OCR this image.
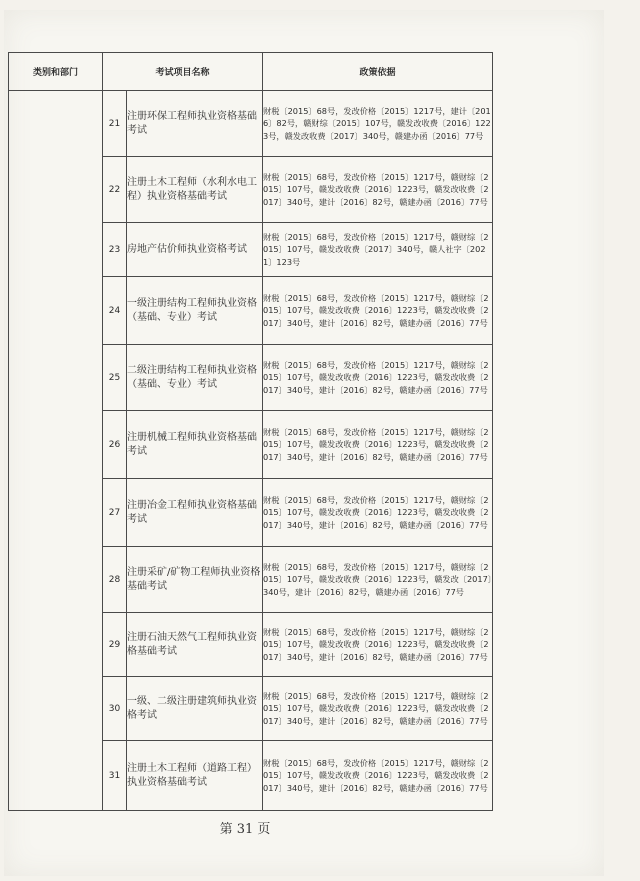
类别和部门	考试项目名称		政策依据
	21	注册环保工程师执业资格基础考试	财税〔2015〕68号，发改价格〔2015〕1217号，建计〔2016〕82号，赣财综〔2015〕107号，赣发改收费〔2016〕1223号，赣发改收费〔2017〕340号，赣建办函〔2016〕77号
	22	注册土木工程师（水利水电工程）执业资格基础考试	财税〔2015〕68号，发改价格〔2015〕1217号，赣财综〔2015〕107号，赣发改收费〔2016〕1223号，赣发改收费〔2017〕340号，建计〔2016〕82号，赣建办函〔2016〕77号
	23	房地产估价师执业资格考试	财税〔2015〕68号，发改价格〔2015〕1217号，赣财综〔2015〕107号，赣发改收费〔2017〕340号，赣人社字〔2021〕123号
	24	一级注册结构工程师执业资格（基础、专业）考试	财税〔2015〕68号，发改价格〔2015〕1217号，赣财综〔2015〕107号，赣发改收费〔2016〕1223号，赣发改收费〔2017〕340号，建计〔2016〕82号，赣建办函〔2016〕77号
	25	二级注册结构工程师执业资格（基础、专业）考试	财税〔2015〕68号，发改价格〔2015〕1217号，赣财综〔2015〕107号，赣发改收费〔2016〕1223号，赣发改收费〔2017〕340号，建计〔2016〕82号，赣建办函〔2016〕77号
	26	注册机械工程师执业资格基础考试	财税〔2015〕68号，发改价格〔2015〕1217号，赣财综〔2015〕107号，赣发改收费〔2016〕1223号，赣发改收费〔2017〕340号，建计〔2016〕82号，赣建办函〔2016〕77号
	27	注册冶金工程师执业资格基础考试	财税〔2015〕68号，发改价格〔2015〕1217号，赣财综〔2015〕107号，赣发改收费〔2016〕1223号，赣发改收费〔2017〕340号，建计〔2016〕82号，赣建办函〔2016〕77号
	28	注册采矿/矿物工程师执业资格基础考试	财税〔2015〕68号，发改价格〔2015〕1217号，赣财综〔2015〕107号，赣发改收费〔2016〕1223号，赣发改〔2017〕340号，建计〔2016〕82号，赣建办函〔2016〕77号
	29	注册石油天然气工程师执业资格基础考试	财税〔2015〕68号，发改价格〔2015〕1217号，赣财综〔2015〕107号，赣发改收费〔2016〕1223号，赣发改收费〔2017〕340号，建计〔2016〕82号，赣建办函〔2016〕77号
	30	一级、二级注册建筑师执业资格考试	财税〔2015〕68号，发改价格〔2015〕1217号，赣财综〔2015〕107号，赣发改收费〔2016〕1223号，赣发改收费〔2017〕340号，建计〔2016〕82号，赣建办函〔2016〕77号
	31	注册土木工程师（道路工程）执业资格基础考试	财税〔2015〕68号，发改价格〔2015〕1217号，赣财综〔2015〕107号，赣发改收费〔2016〕1223号，赣发改收费〔2017〕340号，建计〔2016〕82号，赣建办函〔2016〕77号
第 31 页
